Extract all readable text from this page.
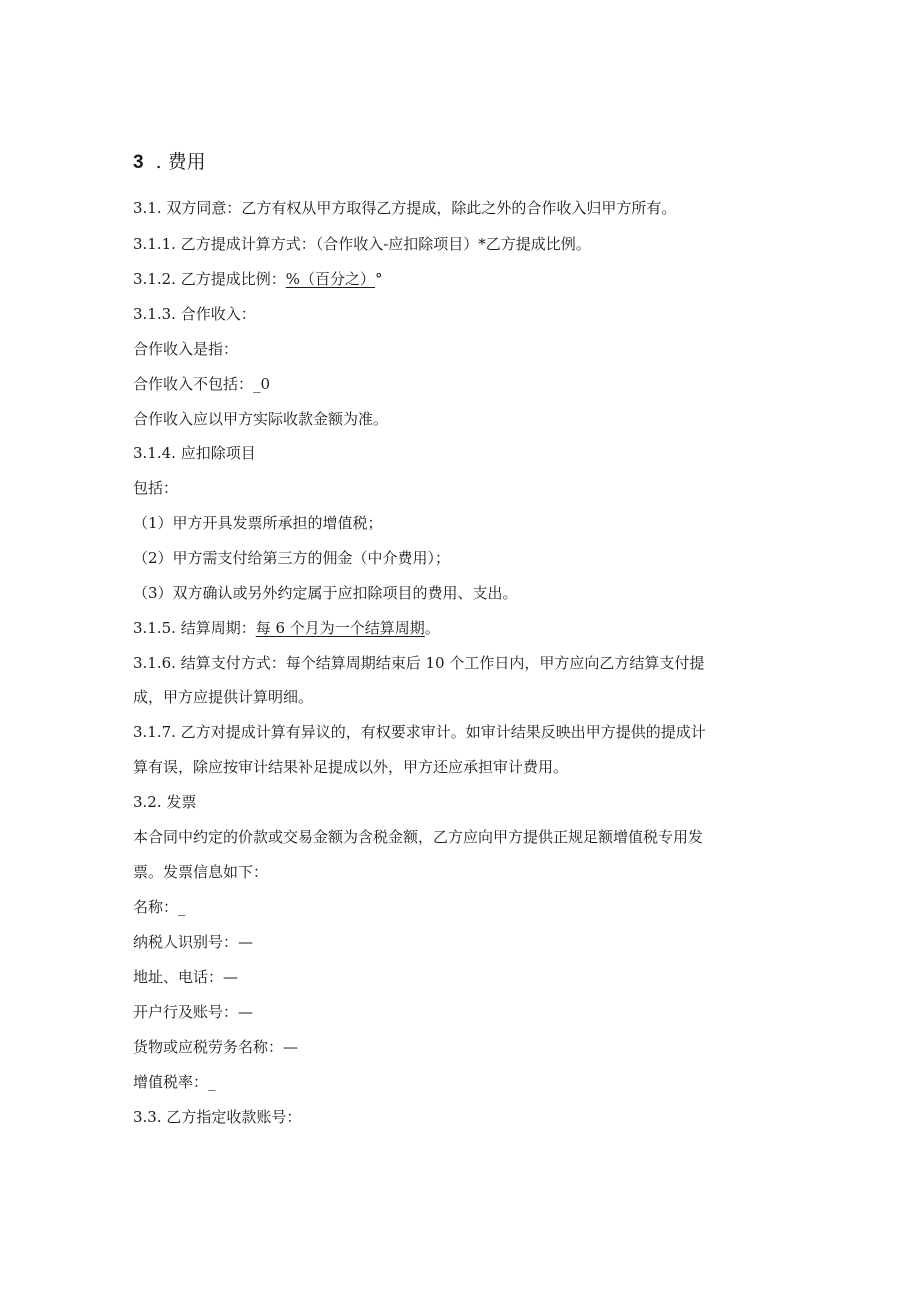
3 . 费用
3.1. 双方同意：乙方有权从甲方取得乙方提成，除此之外的合作收入归甲方所有。
3.1.1. 乙方提成计算方式：（合作收入-应扣除项目）*乙方提成比例。
3.1.2. 乙方提成比例：%（百分之）°
3.1.3. 合作收入：
合作收入是指：
合作收入不包括：_0
合作收入应以甲方实际收款金额为准。
3.1.4. 应扣除项目
包括：
（1）甲方开具发票所承担的增值税；
（2）甲方需支付给第三方的佣金（中介费用）；
（3）双方确认或另外约定属于应扣除项目的费用、支出。
3.1.5. 结算周期：每 6 个月为一个结算周期。
3.1.6. 结算支付方式：每个结算周期结束后 10 个工作日内，甲方应向乙方结算支付提
成，甲方应提供计算明细。
3.1.7. 乙方对提成计算有异议的，有权要求审计。如审计结果反映出甲方提供的提成计
算有误，除应按审计结果补足提成以外，甲方还应承担审计费用。
3.2. 发票
本合同中约定的价款或交易金额为含税金额，乙方应向甲方提供正规足额增值税专用发
票。发票信息如下：
名称：_
纳税人识别号：—
地址、电话：—
开户行及账号：—
货物或应税劳务名称：—
增值税率：_
3.3. 乙方指定收款账号：
